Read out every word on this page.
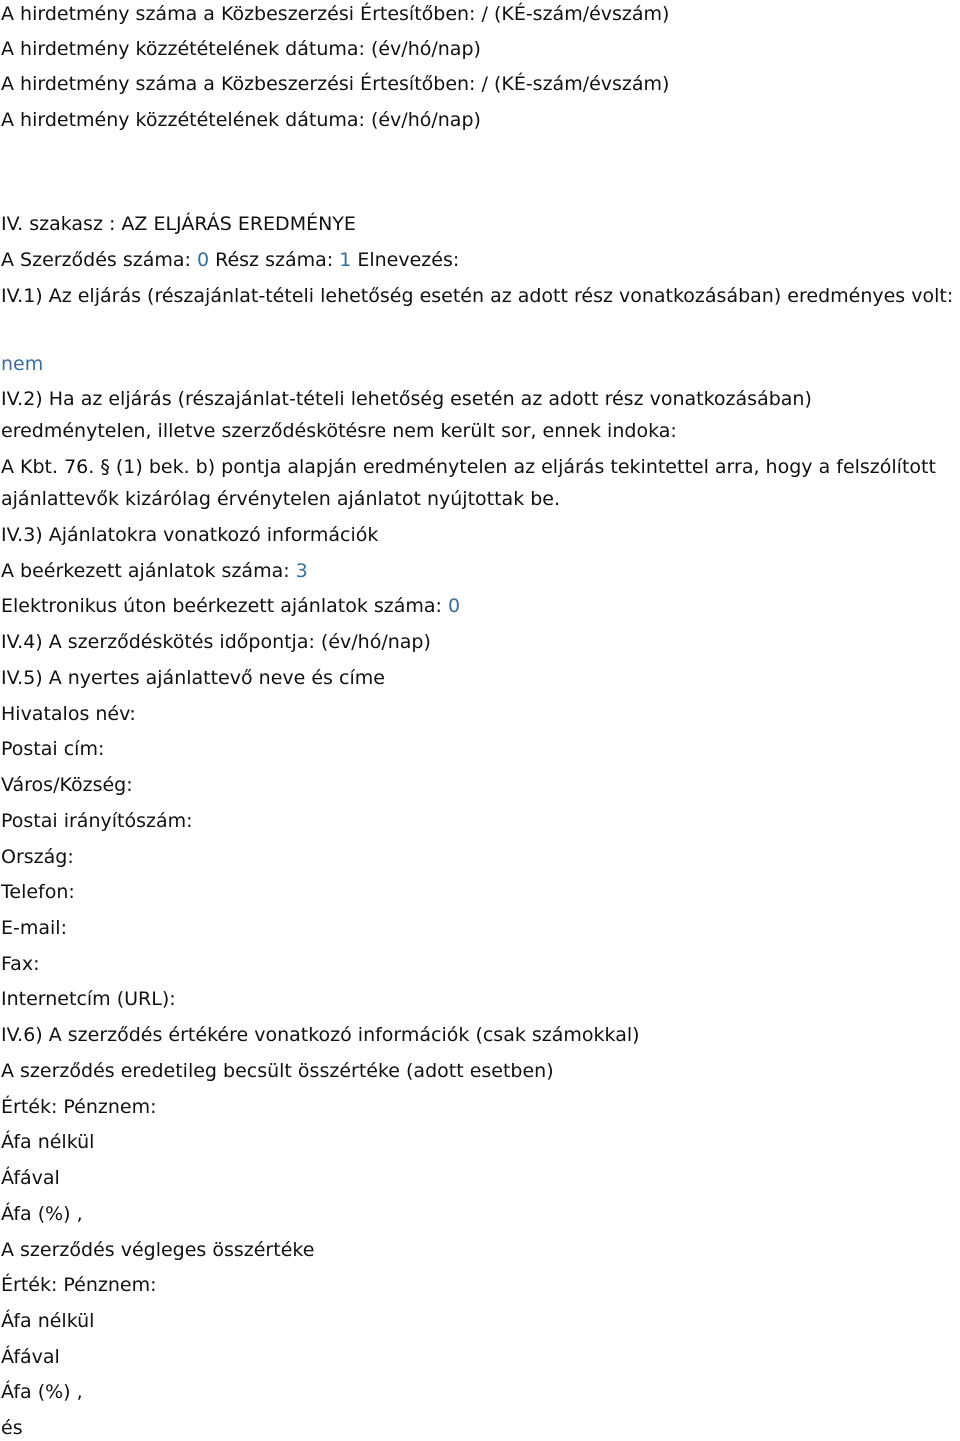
A hirdetmény száma a Közbeszerzési Értesítőben: / (KÉ-szám/évszám)
A hirdetmény közzétételének dátuma: (év/hó/nap)
A hirdetmény száma a Közbeszerzési Értesítőben: / (KÉ-szám/évszám)
A hirdetmény közzétételének dátuma: (év/hó/nap)
IV. szakasz : AZ ELJÁRÁS EREDMÉNYE
A Szerződés száma: 0 Rész száma: 1 Elnevezés:
IV.1) Az eljárás (részajánlat-tételi lehetőség esetén az adott rész vonatkozásában) eredményes volt:
nem
IV.2) Ha az eljárás (részajánlat-tételi lehetőség esetén az adott rész vonatkozásában) eredménytelen, illetve szerződéskötésre nem került sor, ennek indoka:
A Kbt. 76. § (1) bek. b) pontja alapján eredménytelen az eljárás tekintettel arra, hogy a felszólított ajánlattevők kizárólag érvénytelen ajánlatot nyújtottak be.
IV.3) Ajánlatokra vonatkozó információk
A beérkezett ajánlatok száma: 3
Elektronikus úton beérkezett ajánlatok száma: 0
IV.4) A szerződéskötés időpontja: (év/hó/nap)
IV.5) A nyertes ajánlattevő neve és címe
Hivatalos név:
Postai cím:
Város/Község:
Postai irányítószám:
Ország:
Telefon:
E-mail:
Fax:
Internetcím (URL):
IV.6) A szerződés értékére vonatkozó információk (csak számokkal)
A szerződés eredetileg becsült összértéke (adott esetben)
Érték: Pénznem:
Áfa nélkül
Áfával
Áfa (%) ,
A szerződés végleges összértéke
Érték: Pénznem:
Áfa nélkül
Áfával
Áfa (%) ,
és
